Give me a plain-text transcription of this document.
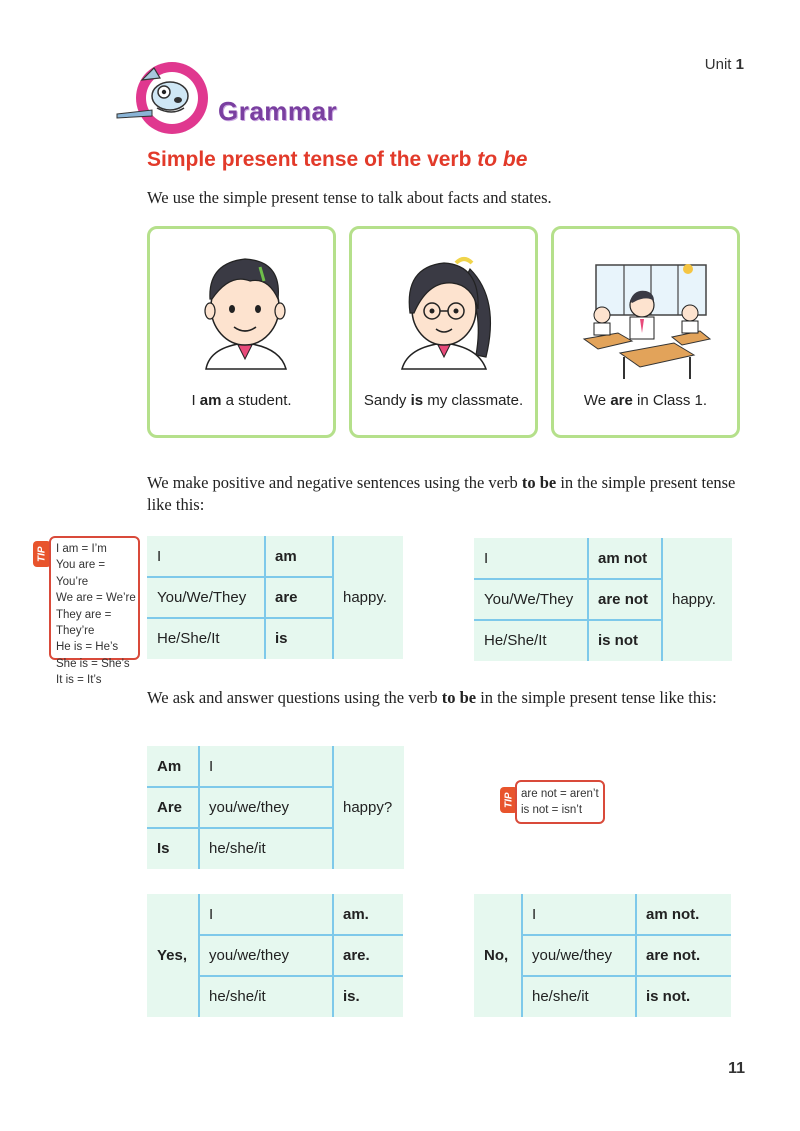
Unit 1
Grammar
Simple present tense of the verb to be
We use the simple present tense to talk about facts and states.
I am a student.	Sandy is my classmate.	We are in Class 1.
We make positive and negative sentences using the verb to be in the simple present tense like this:
TIP I am = I’m
You are = You’re
We are = We’re
They are = They’re
He is = He’s
She is = She’s
It is = It’s
I	am	happy.
You/We/They	are	
He/She/It	is	
I	am not	happy.
You/We/They	are not	
He/She/It	is not	
We ask and answer questions using the verb to be in the simple present tense like this:
Am	I	happy?
Are	you/we/they	
Is	he/she/it	
TIP are not = aren’t
is not = isn’t
Yes,	I	am.
	you/we/they	are.
	he/she/it	is.
No,	I	am not.
	you/we/they	are not.
	he/she/it	is not.
11
